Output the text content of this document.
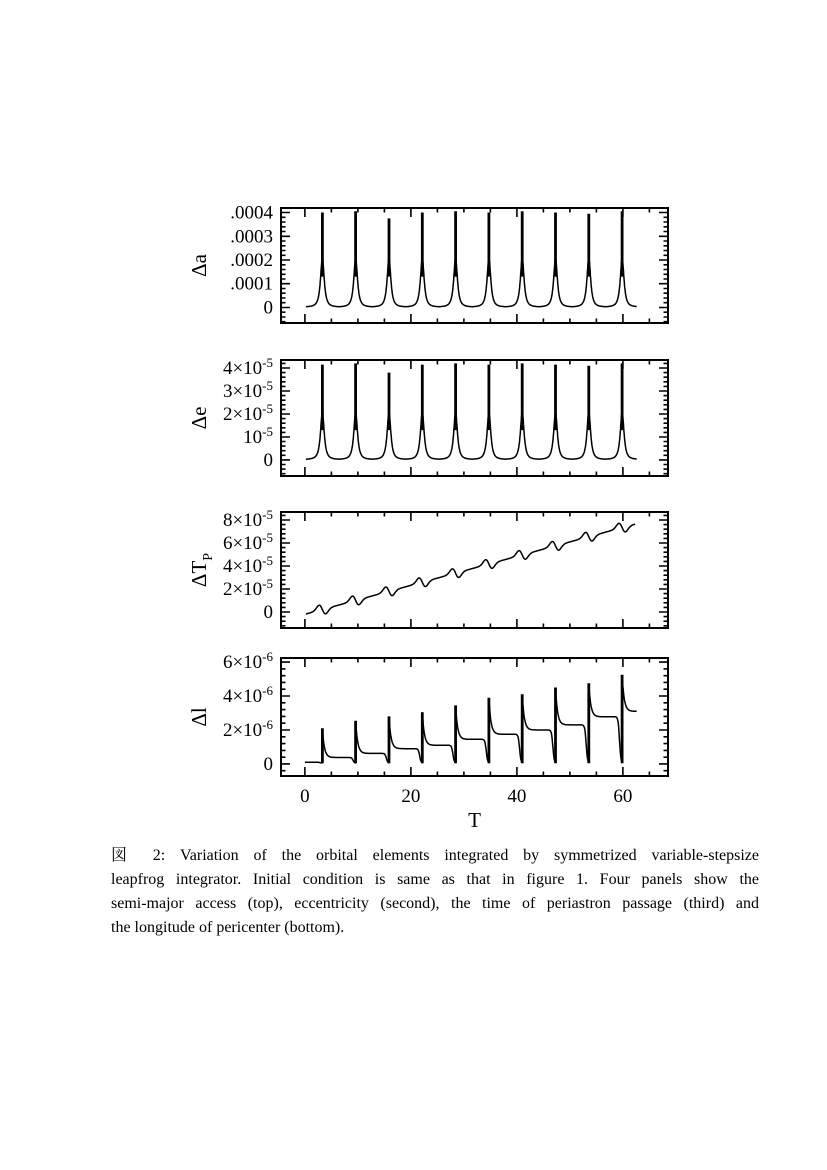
0
.0001
.0002
.0003
.0004
Δa
0
$10^{-5}$
$2\times 10^{-5}$
$3\times 10^{-5}$
$4\times 10^{-5}$
Δe
0
$2\times 10^{-5}$
$4\times 10^{-5}$
$6\times 10^{-5}$
$8\times 10^{-5}$
$\Delta T_P$
0
$2\times 10^{-6}$
$4\times 10^{-6}$
$6\times 10^{-6}$
0	20	40	60
T
Δl
図 2: Variation of the orbital elements integrated by symmetrized variable-stepsize
leapfrog integrator. Initial condition is same as that in figure 1. Four panels show the
semi-major access (top), eccentricity (second), the time of periastron passage (third) and
the longitude of pericenter (bottom).
